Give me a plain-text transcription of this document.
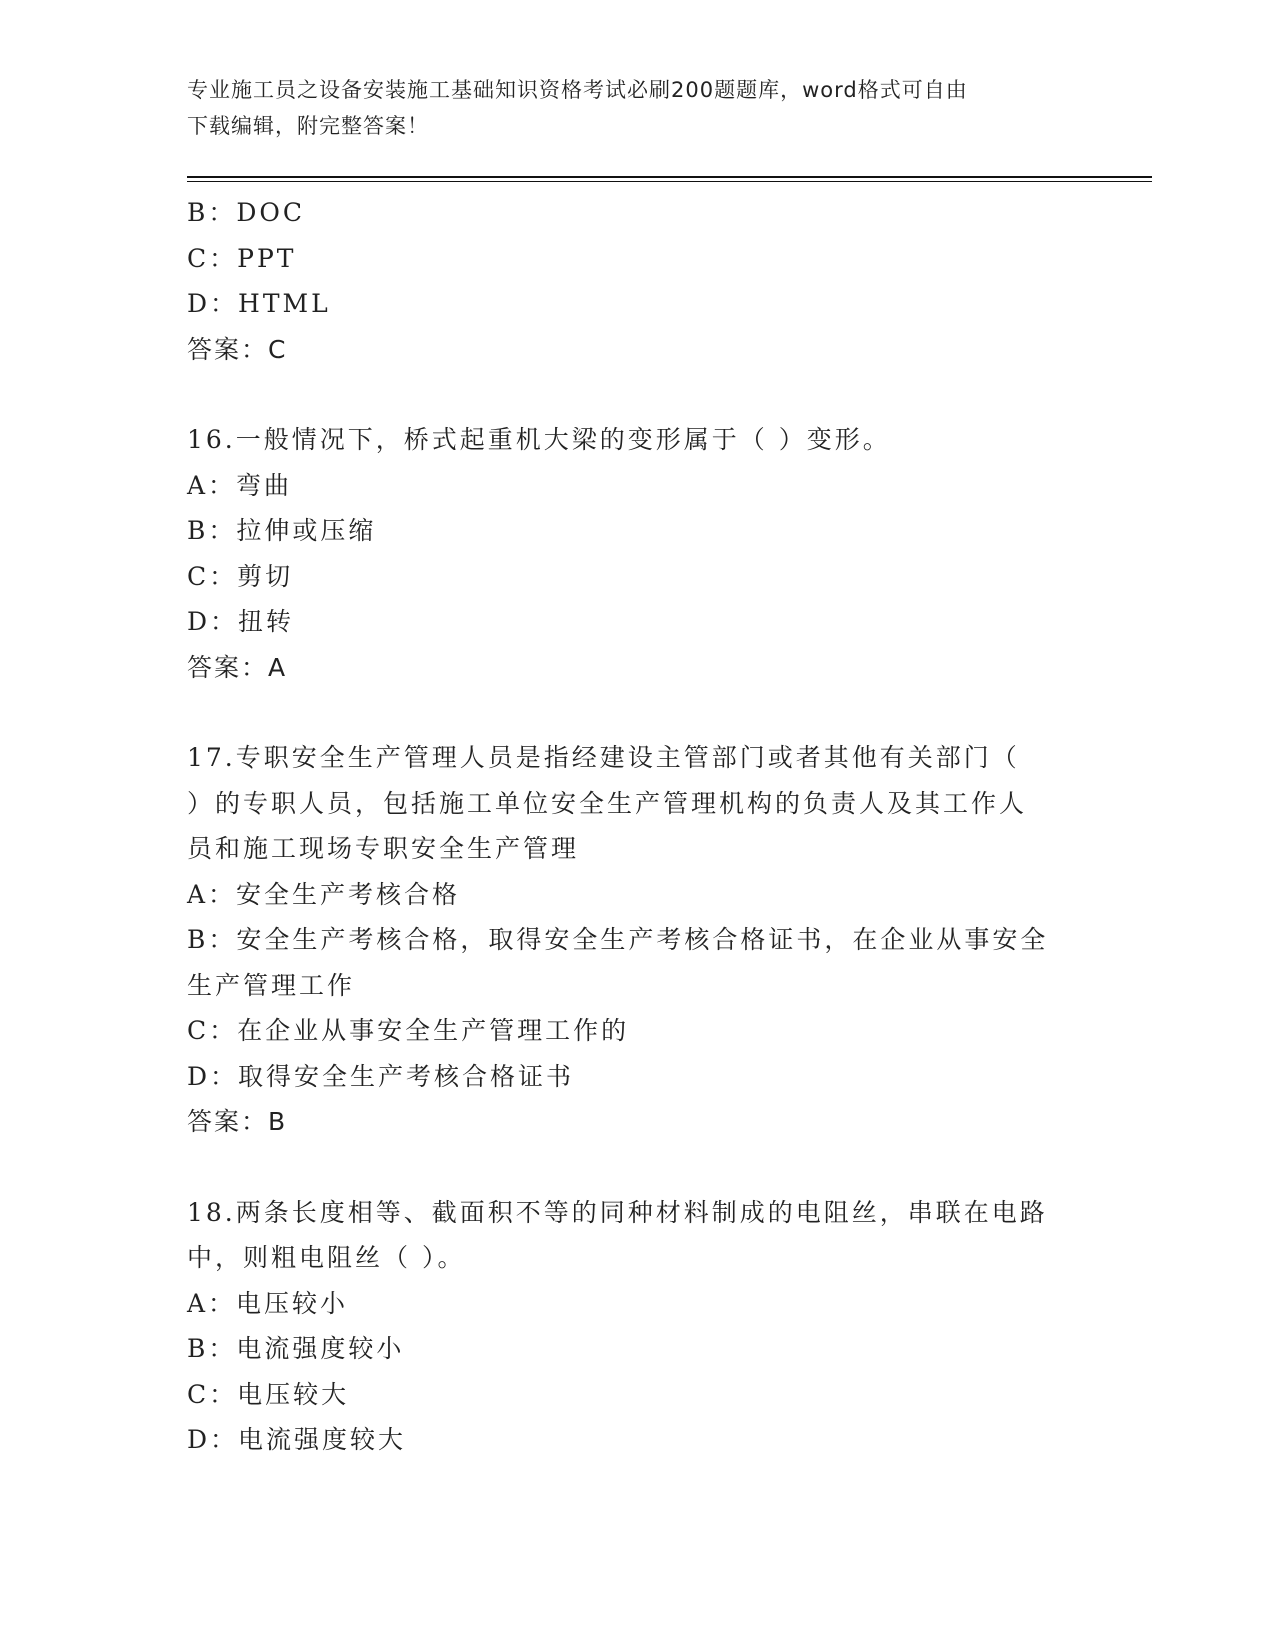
专业施工员之设备安装施工基础知识资格考试必刷200题题库，word格式可自由
下载编辑，附完整答案！
B：DOC
C：PPT
D：HTML
答案：C
16.一般情况下，桥式起重机大梁的变形属于（ ）变形。
A：弯曲
B：拉伸或压缩
C：剪切
D：扭转
答案：A
17.专职安全生产管理人员是指经建设主管部门或者其他有关部门（
）的专职人员，包括施工单位安全生产管理机构的负责人及其工作人
员和施工现场专职安全生产管理
A：安全生产考核合格
B：安全生产考核合格，取得安全生产考核合格证书，在企业从事安全
生产管理工作
C：在企业从事安全生产管理工作的
D：取得安全生产考核合格证书
答案：B
18.两条长度相等、截面积不等的同种材料制成的电阻丝，串联在电路
中，则粗电阻丝（ ）。
A：电压较小
B：电流强度较小
C：电压较大
D：电流强度较大
